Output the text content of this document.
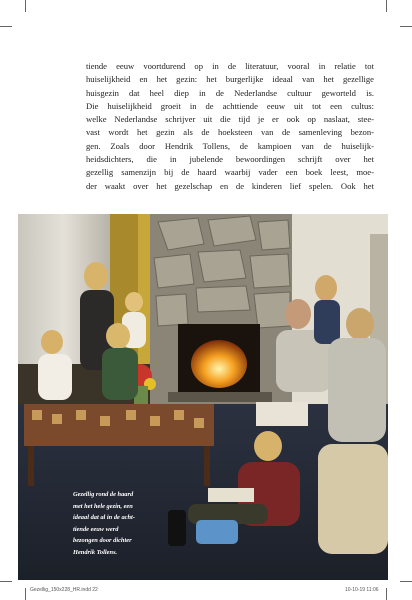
tiende eeuw voortdurend op in de literatuur, vooral in relatie tot
huiselijkheid en het gezin: het burgerlijke ideaal van het gezellige
huisgezin dat heel diep in de Nederlandse cultuur geworteld is.
Die huiselijkheid groeit in de achttiende eeuw uit tot een cultus:
welke Nederlandse schrijver uit die tijd je er ook op naslaat, stee-
vast wordt het gezin als de hoeksteen van de samenleving bezon-
gen. Zoals door Hendrik Tollens, de kampioen van de huiselijk-
heidsdichters, die in jubelende bewoordingen schrijft over het
gezellig samenzijn bij de haard waarbij vader een boek leest, moe-
der waakt over het gezelschap en de kinderen lief spelen. Ook het

Gezellig rond de haard
met het hele gezin, een
ideaal dat al in de acht-
tiende eeuw werd
bezongen door dichter
Hendrik Tollens.
Gezellig_150x228_HR.indd 22	10-10-19 11:06
